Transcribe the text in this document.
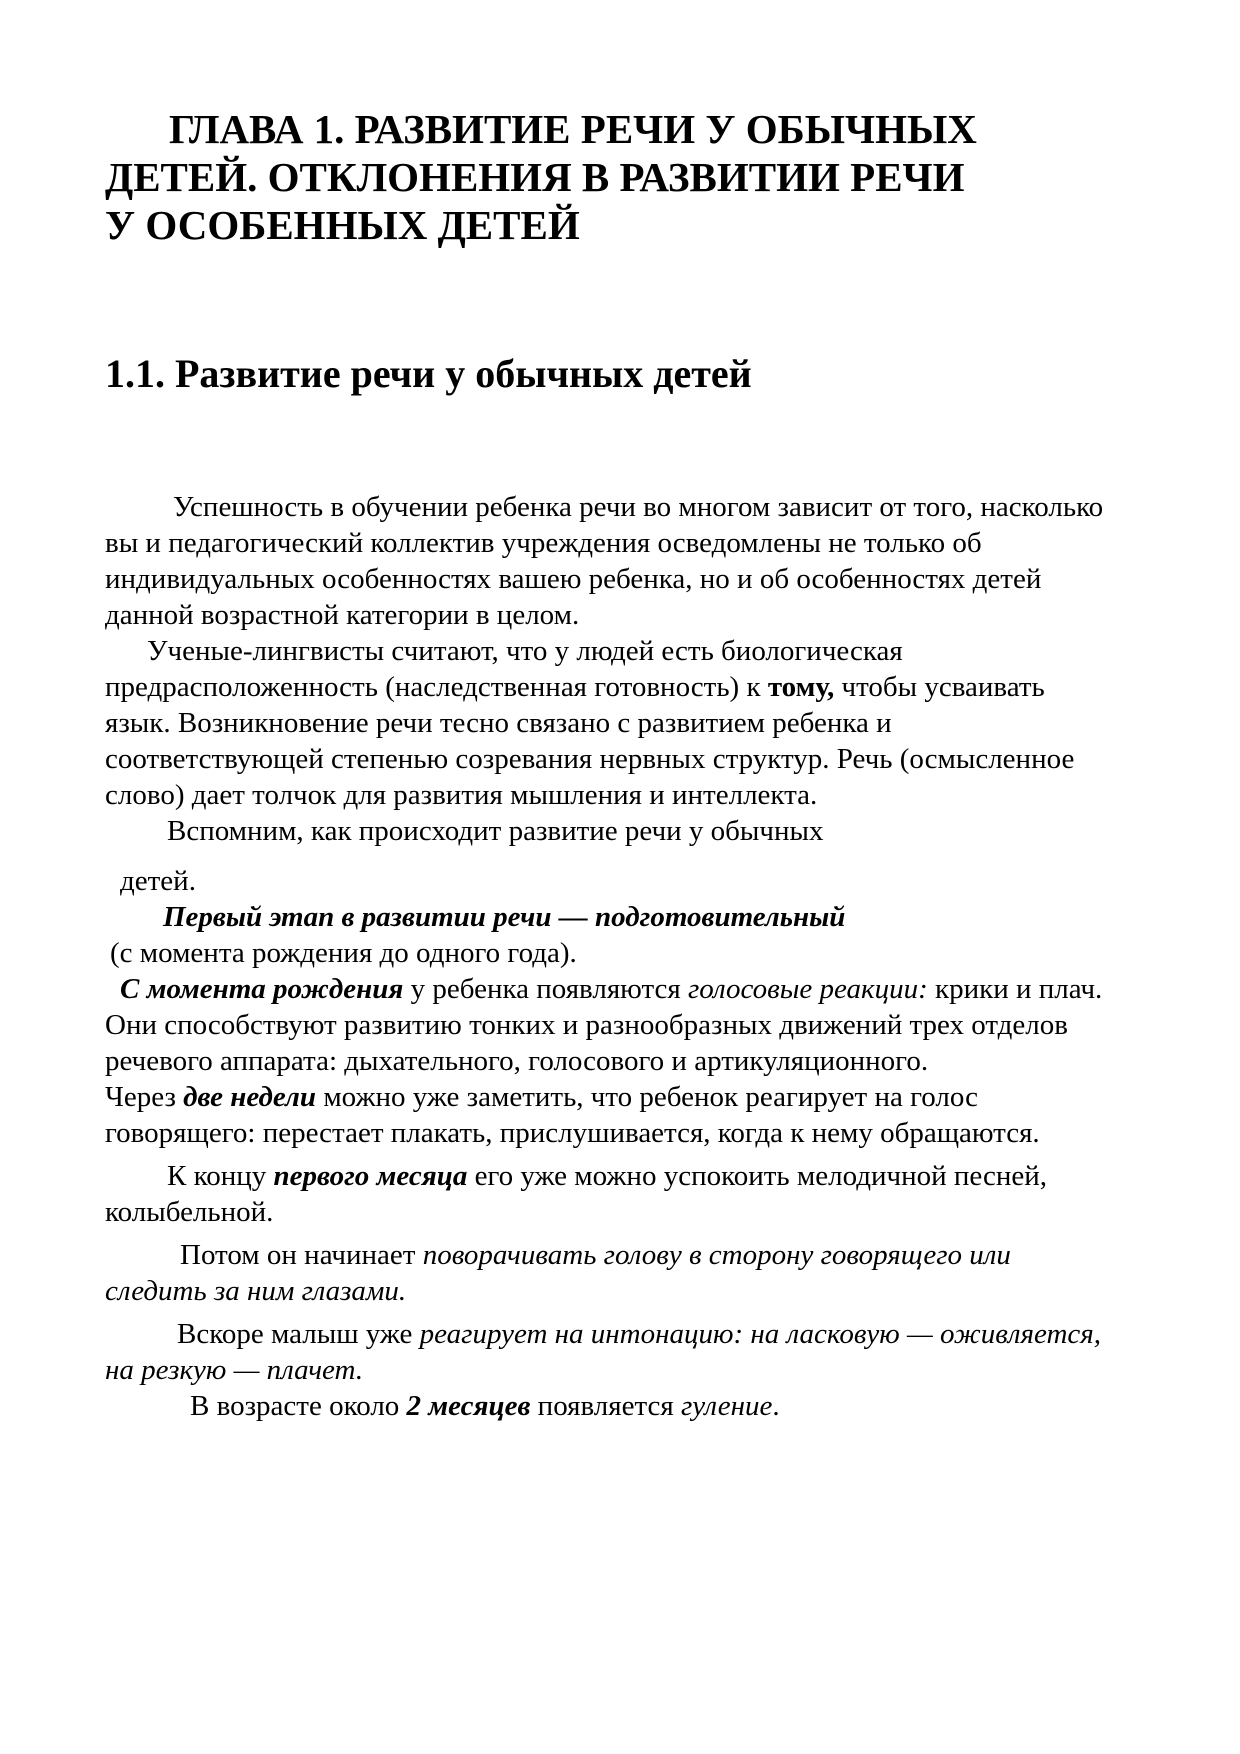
ГЛАВА 1. РАЗВИТИЕ РЕЧИ У ОБЫЧНЫХ
ДЕТЕЙ. ОТКЛОНЕНИЯ В РАЗВИТИИ РЕЧИ
У ОСОБЕННЫХ ДЕТЕЙ
1.1. Развитие речи у обычных детей

Успешность в обучении ребенка речи во многом зависит от того, насколько вы и педагогический коллектив учреждения осведомлены не только об индивидуальных особенностях вашею ребенка, но и об особенностях детей данной возрастной категории в целом.

Ученые-лингвисты считают, что у людей есть биологическая предрасположенность (наследственная готовность) к тому, чтобы усваивать язык. Возникновение речи тесно связано с развитием ребенка и соответствующей степенью созревания нервных структур. Речь (осмысленное слово) дает толчок для развития мышления и интеллекта.

Вспомним, как происходит развитие речи у обычных

детей.

Первый этап в развитии речи — подготовительный

(с момента рождения до одного года).

С момента рождения у ребенка появляются голосовые реакции: крики и плач. Они способствуют развитию тонких и разнообразных движений трех отделов речевого аппарата: дыхательного, голосового и артикуляционного.

Через две недели можно уже заметить, что ребенок реагирует на голос говорящего: перестает плакать, прислушивается, когда к нему обращаются.

К концу первого месяца его уже можно успокоить мелодичной песней, колыбельной.

Потом он начинает поворачивать голову в сторону говорящего или следить за ним глазами.

Вскоре малыш уже реагирует на интонацию: на ласковую — оживляется, на резкую — плачет.

В возрасте около 2 месяцев появляется гуление.
